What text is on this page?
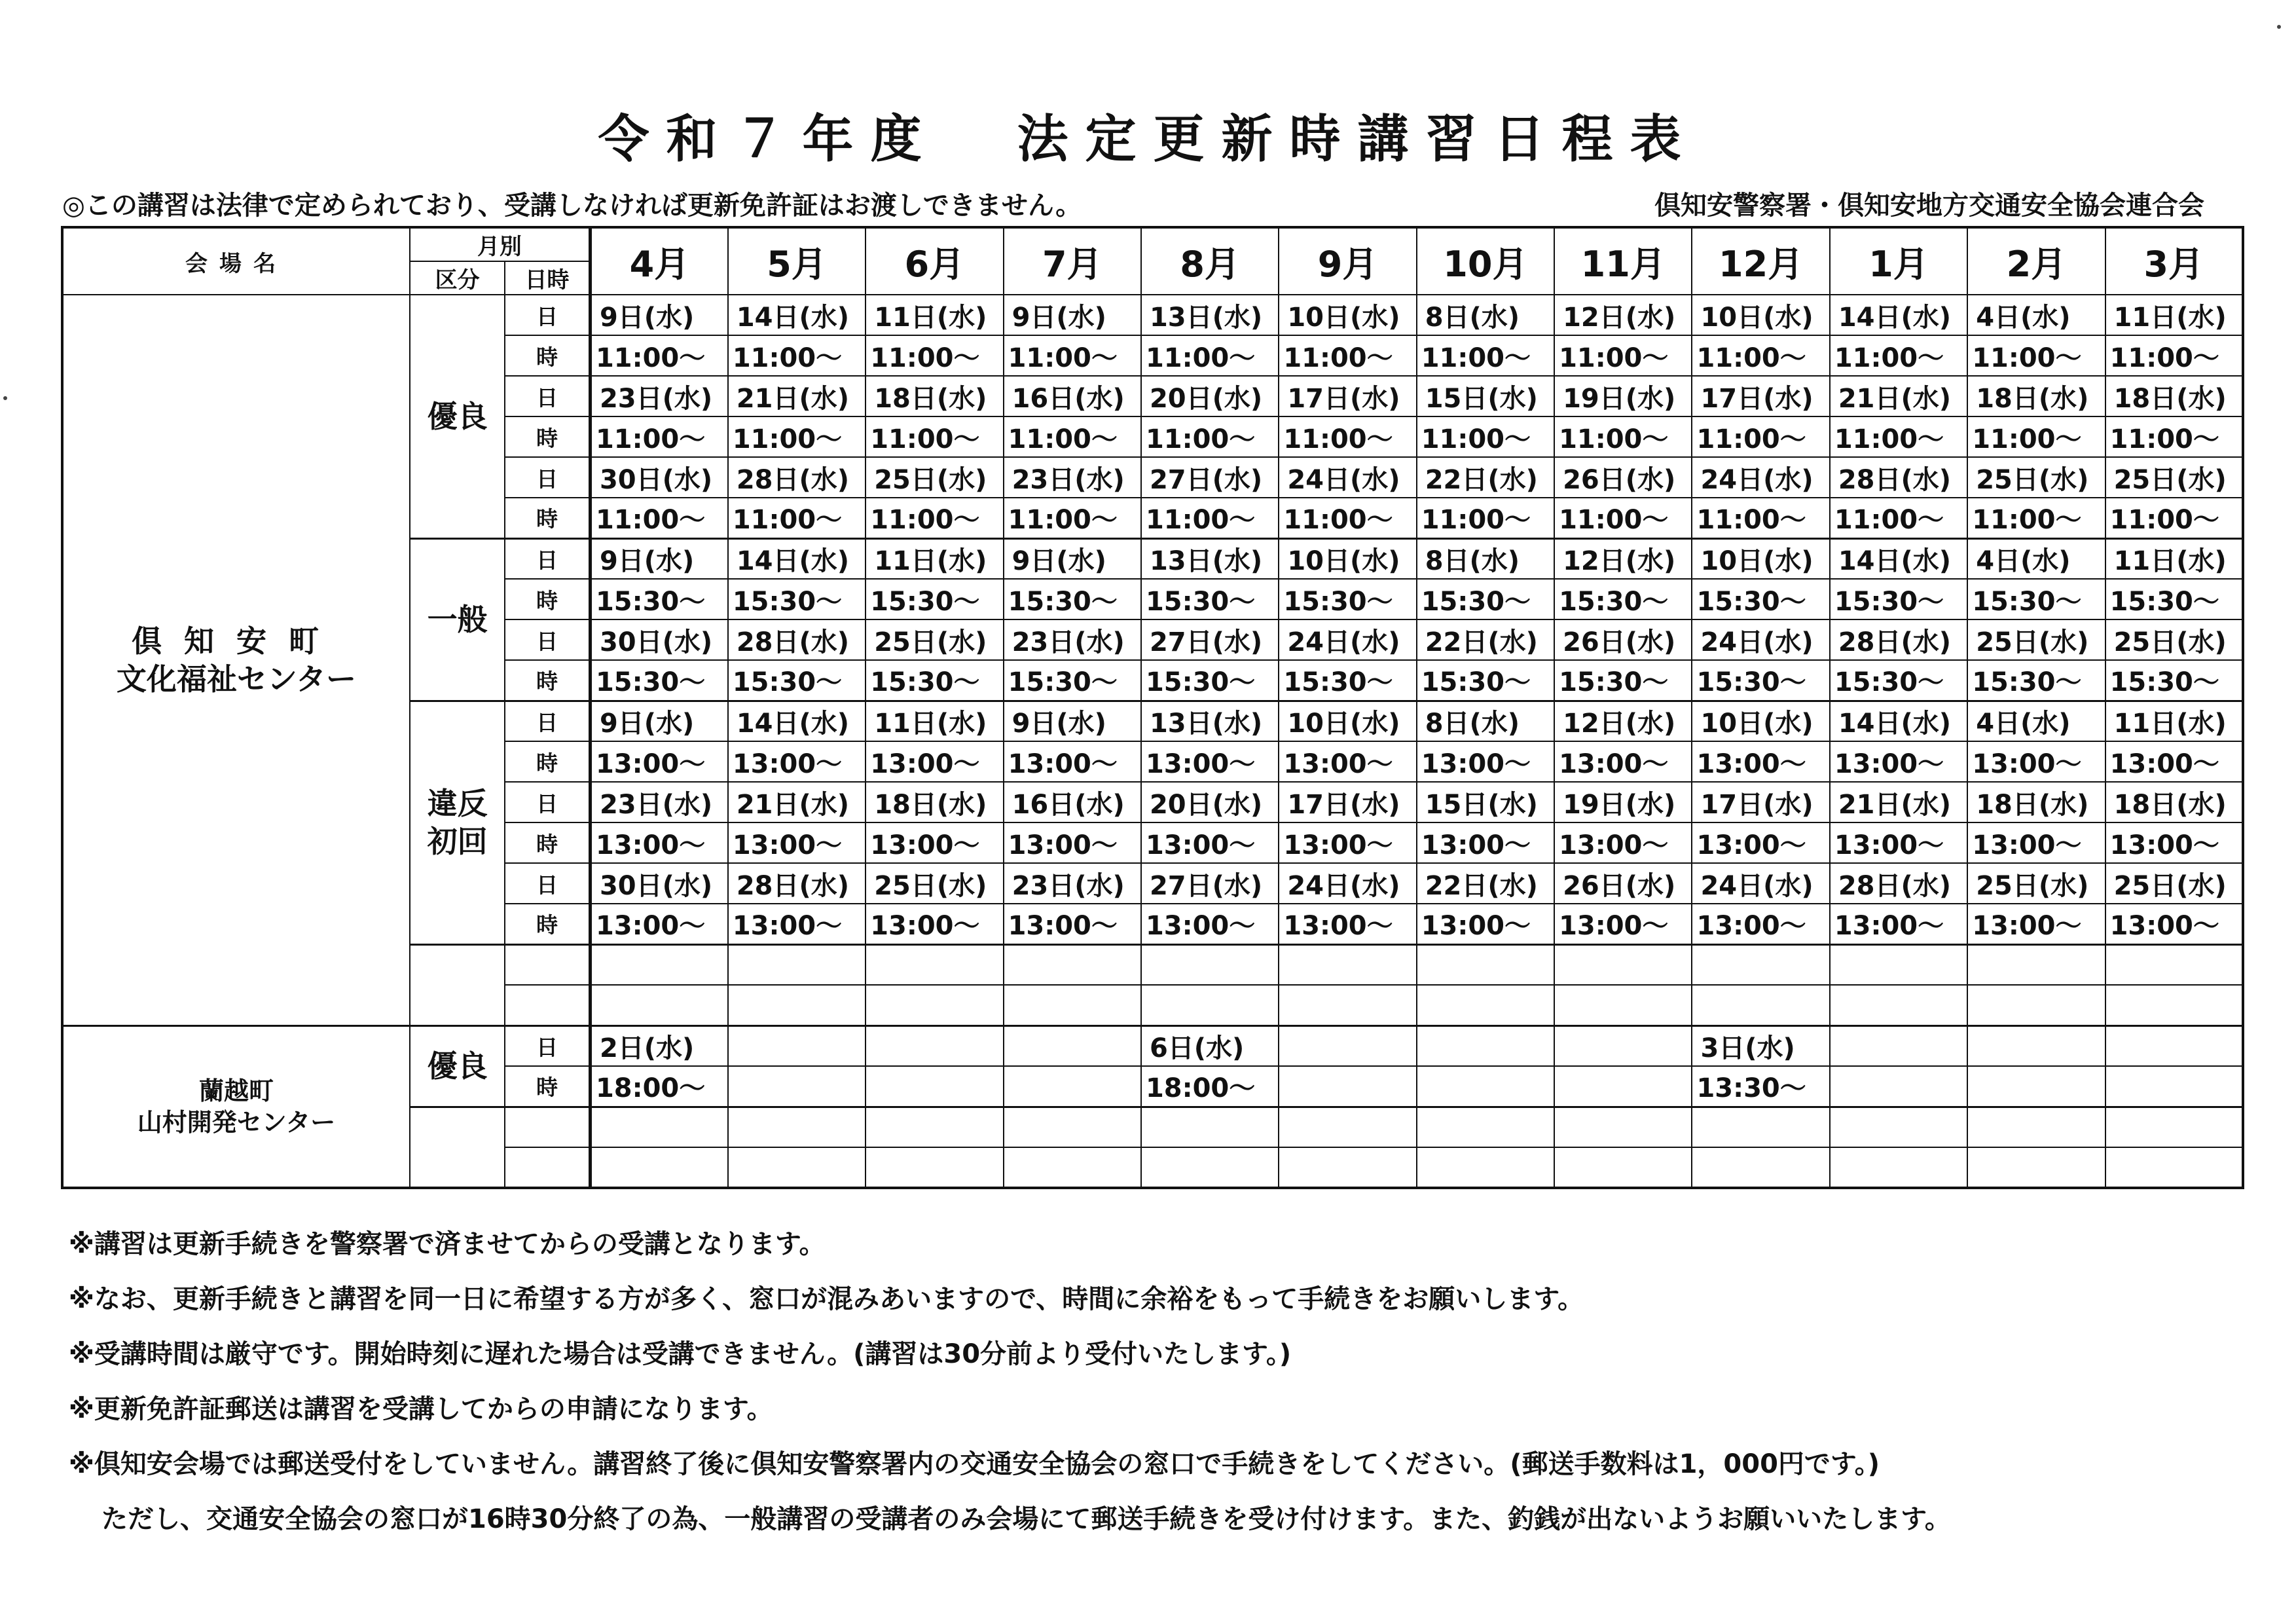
令和７年度 法定更新時講習日程表
◎この講習は法律で定められており、受講しなければ更新免許証はお渡しできません。	倶知安警察署・倶知安地方交通安全協会連合会
会場名	月別		4月	5月	6月	7月	8月	9月	10月	11月	12月	1月	2月	3月
	区分	日時												

倶知安町
文化福祉センター	優良	日	9日(水)	14日(水)	11日(水)	9日(水)	13日(水)	10日(水)	8日(水)	12日(水)	10日(水)	14日(水)	4日(水)	11日(水)
		時	11:00～	11:00～	11:00～	11:00～	11:00～	11:00～	11:00～	11:00～	11:00～	11:00～	11:00～	11:00～
		日	23日(水)	21日(水)	18日(水)	16日(水)	20日(水)	17日(水)	15日(水)	19日(水)	17日(水)	21日(水)	18日(水)	18日(水)
		時	11:00～	11:00～	11:00～	11:00～	11:00～	11:00～	11:00～	11:00～	11:00～	11:00～	11:00～	11:00～
		日	30日(水)	28日(水)	25日(水)	23日(水)	27日(水)	24日(水)	22日(水)	26日(水)	24日(水)	28日(水)	25日(水)	25日(水)
		時	11:00～	11:00～	11:00～	11:00～	11:00～	11:00～	11:00～	11:00～	11:00～	11:00～	11:00～	11:00～

	一般	日	9日(水)	14日(水)	11日(水)	9日(水)	13日(水)	10日(水)	8日(水)	12日(水)	10日(水)	14日(水)	4日(水)	11日(水)
		時	15:30～	15:30～	15:30～	15:30～	15:30～	15:30～	15:30～	15:30～	15:30～	15:30～	15:30～	15:30～
		日	30日(水)	28日(水)	25日(水)	23日(水)	27日(水)	24日(水)	22日(水)	26日(水)	24日(水)	28日(水)	25日(水)	25日(水)
		時	15:30～	15:30～	15:30～	15:30～	15:30～	15:30～	15:30～	15:30～	15:30～	15:30～	15:30～	15:30～

	違反
初回	日	9日(水)	14日(水)	11日(水)	9日(水)	13日(水)	10日(水)	8日(水)	12日(水)	10日(水)	14日(水)	4日(水)	11日(水)
		時	13:00～	13:00～	13:00～	13:00～	13:00～	13:00～	13:00～	13:00～	13:00～	13:00～	13:00～	13:00～
		日	23日(水)	21日(水)	18日(水)	16日(水)	20日(水)	17日(水)	15日(水)	19日(水)	17日(水)	21日(水)	18日(水)	18日(水)
		時	13:00～	13:00～	13:00～	13:00～	13:00～	13:00～	13:00～	13:00～	13:00～	13:00～	13:00～	13:00～
		日	30日(水)	28日(水)	25日(水)	23日(水)	27日(水)	24日(水)	22日(水)	26日(水)	24日(水)	28日(水)	25日(水)	25日(水)
		時	13:00～	13:00～	13:00～	13:00～	13:00～	13:00～	13:00～	13:00～	13:00～	13:00～	13:00～	13:00～

蘭越町
山村開発センター	優良	日	2日(水)				6日(水)				3日(水)			
		時	18:00～				18:00～				13:30～			

※講習は更新手続きを警察署で済ませてからの受講となります。
※なお、更新手続きと講習を同一日に希望する方が多く、窓口が混みあいますので、時間に余裕をもって手続きをお願いします。
※受講時間は厳守です。開始時刻に遅れた場合は受講できません。(講習は30分前より受付いたします。)
※更新免許証郵送は講習を受講してからの申請になります。
※倶知安会場では郵送受付をしていません。講習終了後に倶知安警察署内の交通安全協会の窓口で手続きをしてください。(郵送手数料は1，000円です。)
ただし、交通安全協会の窓口が16時30分終了の為、一般講習の受講者のみ会場にて郵送手続きを受け付けます。また、釣銭が出ないようお願いいたします。
